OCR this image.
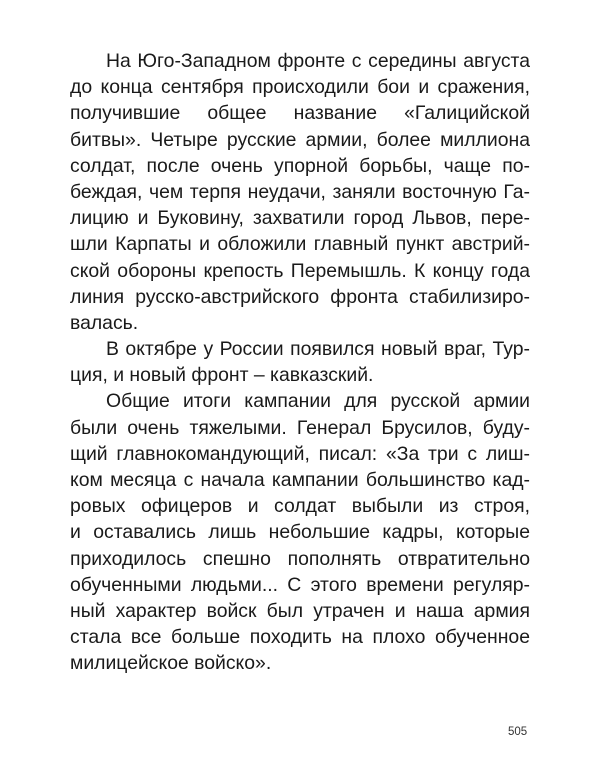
На Юго-Западном фронте с середины августа
до конца сентября происходили бои и сражения,
получившие общее название «Галицийской
битвы». Четыре русские армии, более миллиона
солдат, после очень упорной борьбы, чаще по-
беждая, чем терпя неудачи, заняли восточную Га-
лицию и Буковину, захватили город Львов, пере-
шли Карпаты и обложили главный пункт австрий-
ской обороны крепость Перемышль. К концу года
линия русско-австрийского фронта стабилизиро-
валась.

В октябре у России появился новый враг, Тур-
ция, и новый фронт – кавказский.

Общие итоги кампании для русской армии
были очень тяжелыми. Генерал Брусилов, буду-
щий главнокомандующий, писал: «За три с лиш-
ком месяца с начала кампании большинство кад-
ровых офицеров и солдат выбыли из строя,
и оставались лишь небольшие кадры, которые
приходилось спешно пополнять отвратительно
обученными людьми... С этого времени регуляр-
ный характер войск был утрачен и наша армия
стала все больше походить на плохо обученное
милицейское войско».

505
